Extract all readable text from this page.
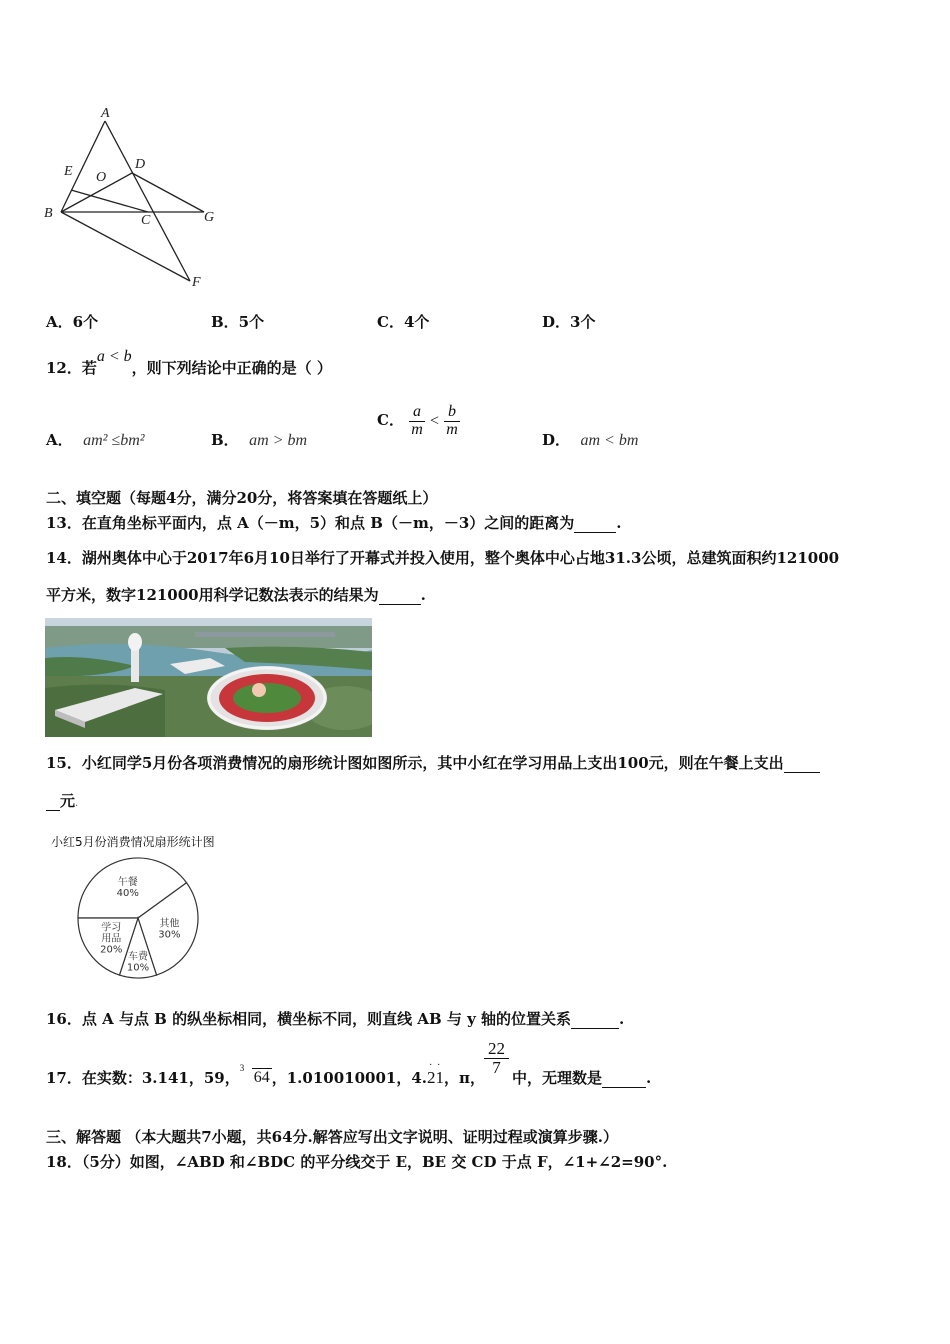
A
E O
D
B	C	G
F
A．6个	B．5个	C．4个	D．3个
12．若a < b，则下列结论中正确的是（ ）
A． am² ≤bm²	B． am > bm
C． $\frac{a}{m} < \frac{b}{m}$
D． am < bm
二、填空题（每题4分，满分20分，将答案填在答题纸上）
13．在直角坐标平面内，点 A（－m，5）和点 B（－m，－3）之间的距离为	.
14．湖州奥体中心于2017年6月10日举行了开幕式并投入使用，整个奥体中心占地31.3公顷，总建筑面积约121000
平方米，数字121000用科学记数法表示的结果为	.
15．小红同学5月份各项消费情况的扇形统计图如图所示，其中小红在学习用品上支出100元，则在午餐上支出
元.
小红5月份消费情况扇形统计图
午餐
40%
其他
30%
车费
10%
学习
用品
20%
16．点 A 与点 B 的纵坐标相同，横坐标不同，则直线 AB 与 y 轴的位置关系	.
17．在实数：3.141，59，
3
64 ，1.010010001，4.21
· ·
，π，
$\frac{22}{7}$
中，无理数是	.
三、解答题 （本大题共7小题，共64分.解答应写出文字说明、证明过程或演算步骤.）
18．（5分）如图，∠ABD 和∠BDC 的平分线交于 E，BE 交 CD 于点 F，∠1+∠2=90°.
